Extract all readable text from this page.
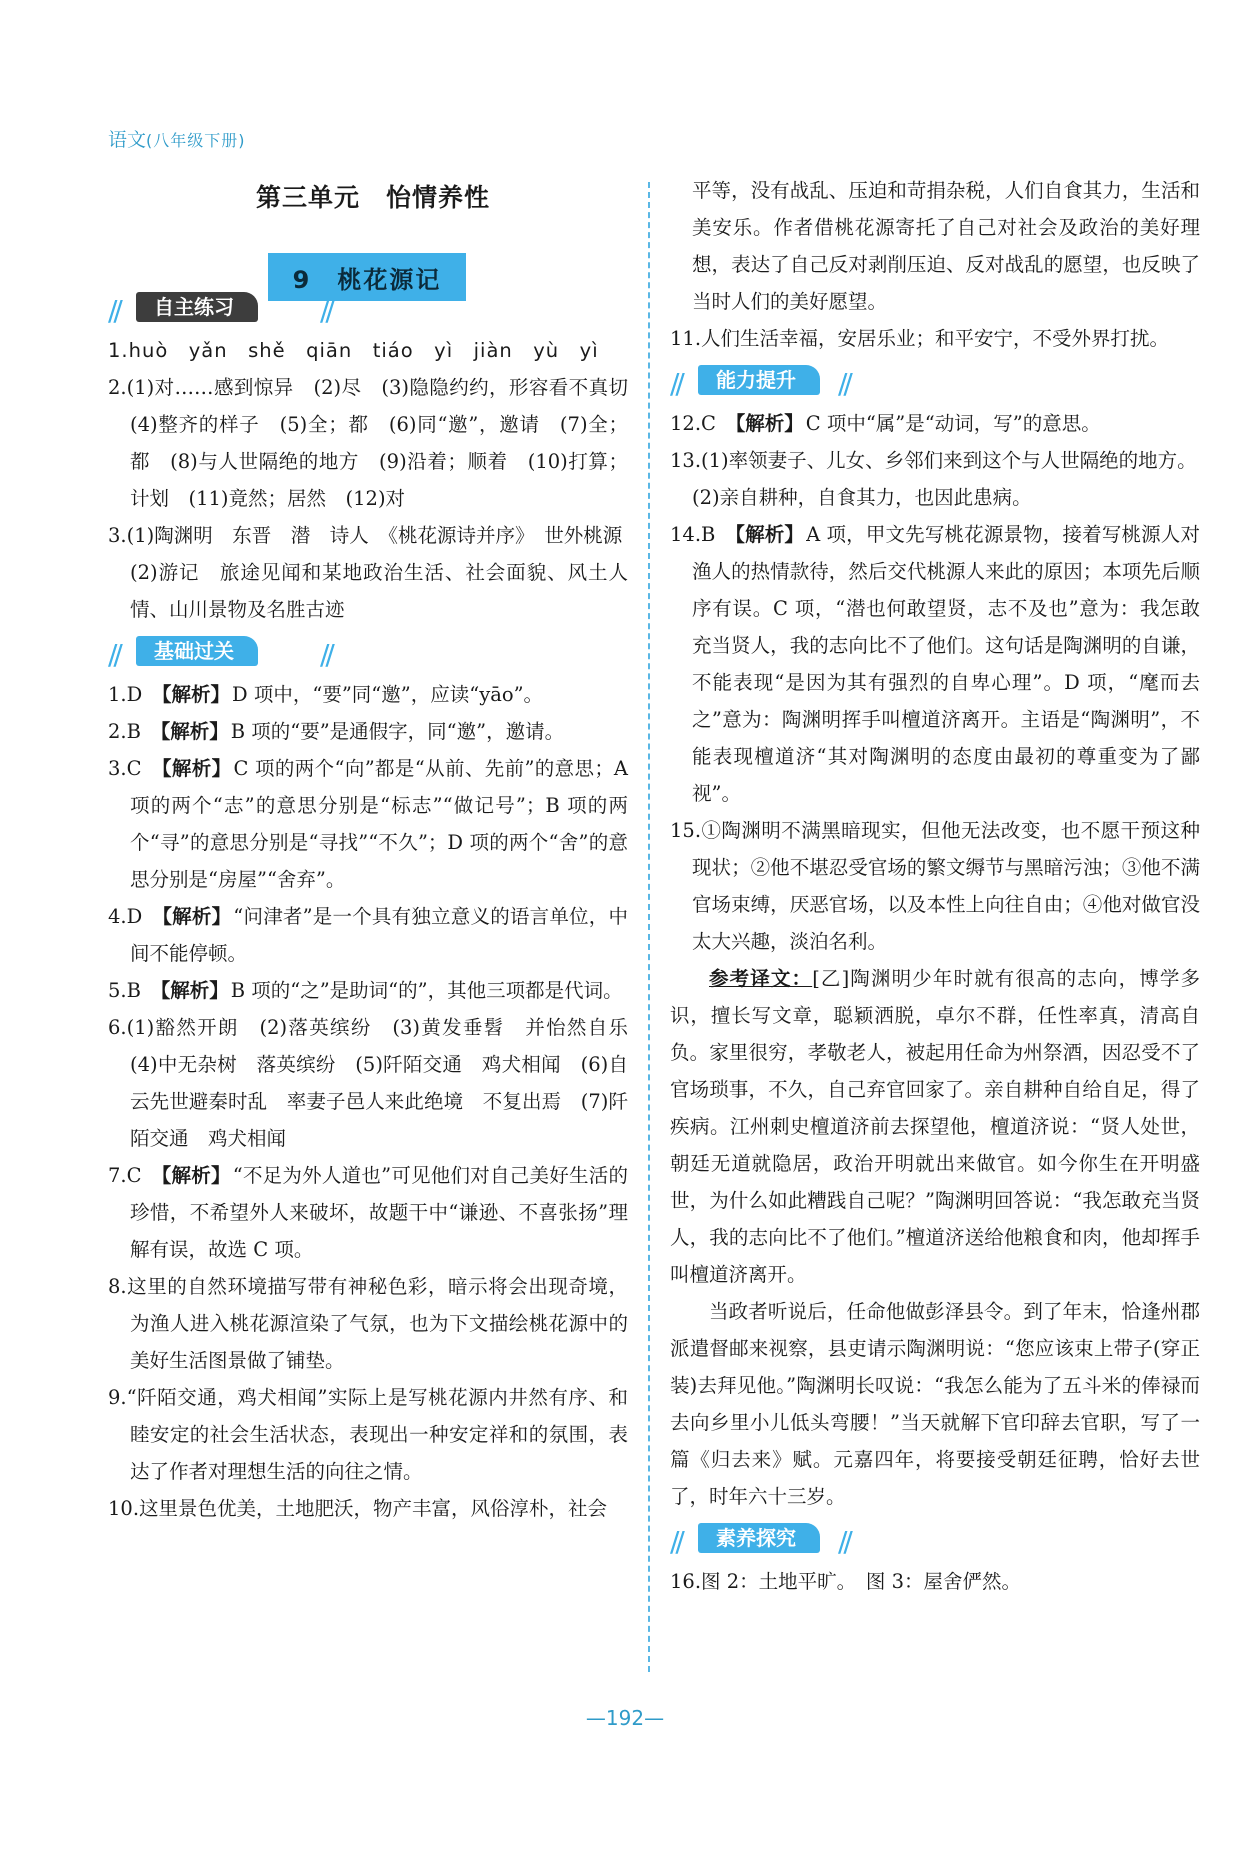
语文(八年级下册)
第三单元　怡情养性
9　桃花源记
//	自主练习	//
1.huò　yǎn　shě　qiān　tiáo　yì　jiàn　yù　yì
2.(1)对……感到惊异　(2)尽　(3)隐隐约约，形容看不真切　(4)整齐的样子　(5)全；都　(6)同“邀”，邀请　(7)全；都　(8)与人世隔绝的地方　(9)沿着；顺着　(10)打算；计划　(11)竟然；居然　(12)对
3.(1)陶渊明　东晋　潜　诗人　《桃花源诗并序》　世外桃源
(2)游记　旅途见闻和某地政治生活、社会面貌、风土人情、山川景物及名胜古迹
//	基础过关	//
1.D　 【解析】 D 项中，“要”同“邀”，应读“yāo”。
2.B　 【解析】 B 项的“要”是通假字，同“邀”，邀请。
3.C　 【解析】 C 项的两个“向”都是“从前、先前”的意思；A 项的两个“志”的意思分别是“标志”“做记号”；B 项的两个“寻”的意思分别是“寻找”“不久”；D 项的两个“舍”的意思分别是“房屋”“舍弃”。
4.D　 【解析】 “问津者”是一个具有独立意义的语言单位，中间不能停顿。
5.B　 【解析】 B 项的“之”是助词“的”，其他三项都是代词。
6.(1)豁然开朗　(2)落英缤纷　(3)黄发垂髫　并怡然自乐　(4)中无杂树　落英缤纷　(5)阡陌交通　鸡犬相闻　(6)自云先世避秦时乱　率妻子邑人来此绝境　不复出焉　(7)阡陌交通　鸡犬相闻
7.C　 【解析】 “不足为外人道也”可见他们对自己美好生活的珍惜，不希望外人来破坏，故题干中“谦逊、不喜张扬”理解有误，故选 C 项。
8.这里的自然环境描写带有神秘色彩，暗示将会出现奇境，为渔人进入桃花源渲染了气氛，也为下文描绘桃花源中的美好生活图景做了铺垫。
9.“阡陌交通，鸡犬相闻”实际上是写桃花源内井然有序、和睦安定的社会生活状态，表现出一种安定祥和的氛围，表达了作者对理想生活的向往之情。
10.这里景色优美，土地肥沃，物产丰富，风俗淳朴，社会
平等，没有战乱、压迫和苛捐杂税，人们自食其力，生活和美安乐。作者借桃花源寄托了自己对社会及政治的美好理想，表达了自己反对剥削压迫、反对战乱的愿望，也反映了当时人们的美好愿望。
11.人们生活幸福，安居乐业；和平安宁，不受外界打扰。
//	能力提升	//
12.C　 【解析】 C 项中“属”是“动词，写”的意思。
13.(1)率领妻子、儿女、乡邻们来到这个与人世隔绝的地方。
(2)亲自耕种，自食其力，也因此患病。
14.B　 【解析】 A 项，甲文先写桃花源景物，接着写桃源人对渔人的热情款待，然后交代桃源人来此的原因；本项先后顺序有误。C 项，“潜也何敢望贤，志不及也”意为：我怎敢充当贤人，我的志向比不了他们。这句话是陶渊明的自谦，不能表现“是因为其有强烈的自卑心理”。D 项，“麾而去之”意为：陶渊明挥手叫檀道济离开。主语是“陶渊明”，不能表现檀道济“其对陶渊明的态度由最初的尊重变为了鄙视”。
15.①陶渊明不满黑暗现实，但他无法改变，也不愿干预这种现状；②他不堪忍受官场的繁文缛节与黑暗污浊；③他不满官场束缚，厌恶官场，以及本性上向往自由；④他对做官没太大兴趣，淡泊名利。
参考译文：[乙]陶渊明少年时就有很高的志向，博学多识，擅长写文章，聪颖洒脱，卓尔不群，任性率真，清高自负。家里很穷，孝敬老人，被起用任命为州祭酒，因忍受不了官场琐事，不久，自己弃官回家了。亲自耕种自给自足，得了疾病。江州刺史檀道济前去探望他，檀道济说：“贤人处世，朝廷无道就隐居，政治开明就出来做官。如今你生在开明盛世，为什么如此糟践自己呢？”陶渊明回答说：“我怎敢充当贤人，我的志向比不了他们。”檀道济送给他粮食和肉，他却挥手叫檀道济离开。
当政者听说后，任命他做彭泽县令。到了年末，恰逢州郡派遣督邮来视察，县吏请示陶渊明说：“您应该束上带子(穿正装)去拜见他。”陶渊明长叹说：“我怎么能为了五斗米的俸禄而去向乡里小儿低头弯腰！”当天就解下官印辞去官职，写了一篇《归去来》赋。元嘉四年，将要接受朝廷征聘，恰好去世了，时年六十三岁。
//	素养探究	//
16.图 2：土地平旷。　图 3：屋舍俨然。
—192—
